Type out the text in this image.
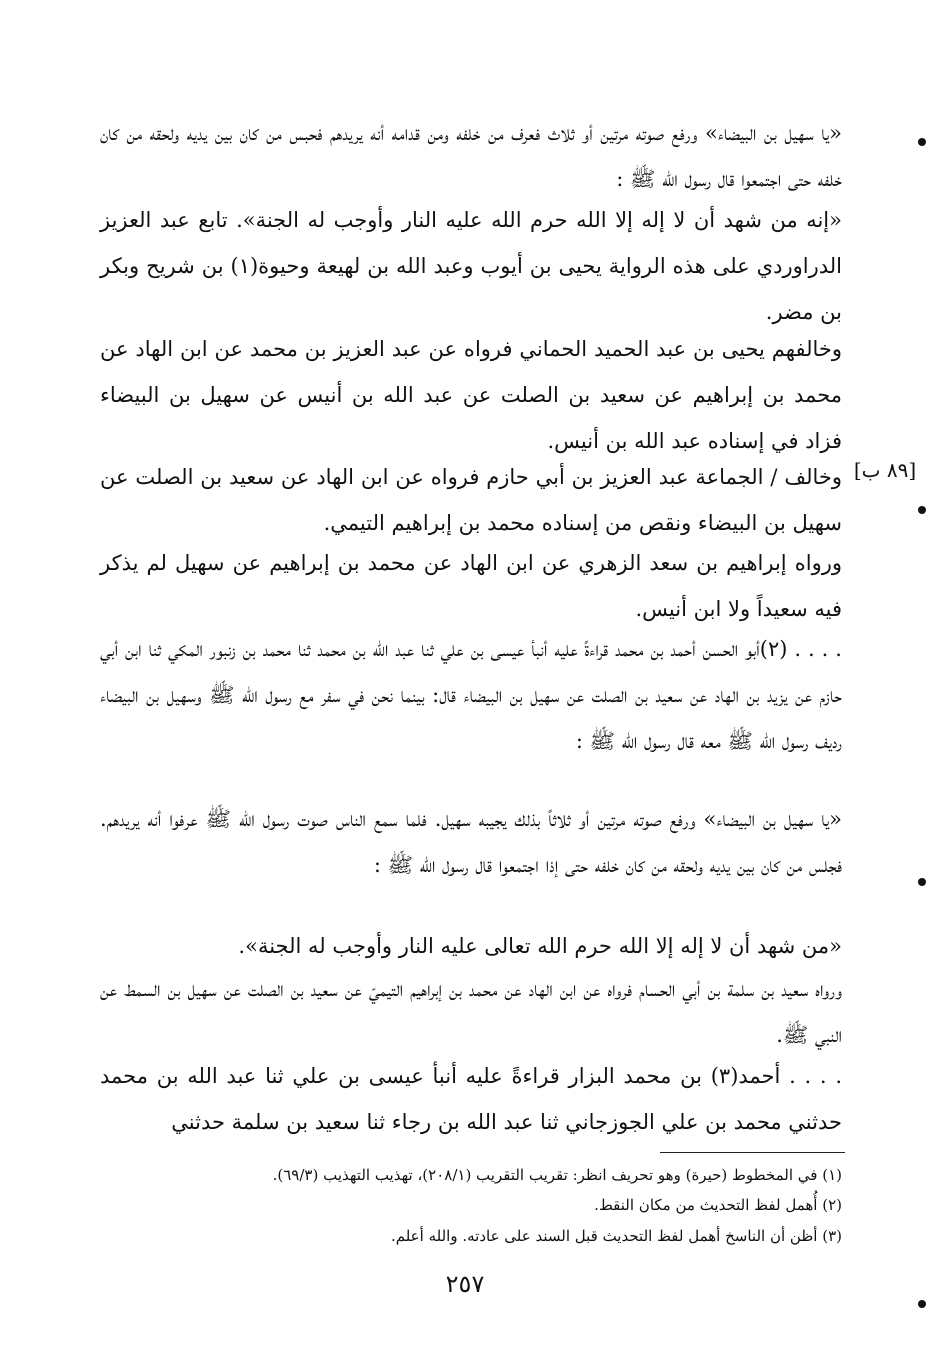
«يا سهيل بن البيضاء» ورفع صوته مرتين أو ثلاث فعرف من خلفه ومن قدامه أنه يريدهم فحبس من كان بين يديه ولحقه من كان خلفه حتى اجتمعوا قال رسول الله ﷺ :

«إنه من شهد أن لا إله إلا الله حرم الله عليه النار وأوجب له الجنة». تابع عبد العزيز الدراوردي على هذه الرواية يحيى بن أيوب وعبد الله بن لهيعة وحيوة(١) بن شريح وبكر بن مضر.

وخالفهم يحيى بن عبد الحميد الحماني فرواه عن عبد العزيز بن محمد عن ابن الهاد عن محمد بن إبراهيم عن سعيد بن الصلت عن عبد الله بن أنيس عن سهيل بن البيضاء فزاد في إسناده عبد الله بن أنيس.

وخالف / الجماعة عبد العزيز بن أبي حازم فرواه عن ابن الهاد عن سعيد بن الصلت عن سهيل بن البيضاء ونقص من إسناده محمد بن إبراهيم التيمي.

ورواه إبراهيم بن سعد الزهري عن ابن الهاد عن محمد بن إبراهيم عن سهيل لم يذكر فيه سعيداً ولا ابن أنيس.

. . . . (٢)أبو الحسن أحمد بن محمد قراءةً عليه أنبأ عيسى بن علي ثنا عبد الله بن محمد ثنا محمد بن زنبور المكي ثنا ابن أبي حازم عن يزيد بن الهاد عن سعيد بن الصلت عن سهيل بن البيضاء قال: بينما نحن في سفر مع رسول الله ﷺ وسهيل بن البيضاء رديف رسول الله ﷺ معه قال رسول الله ﷺ :

«يا سهيل بن البيضاء» ورفع صوته مرتين أو ثلاثاً بذلك يجيبه سهيل. فلما سمع الناس صوت رسول الله ﷺ عرفوا أنه يريدهم. فجلس من كان بين يديه ولحقه من كان خلفه حتى إذا اجتمعوا قال رسول الله ﷺ :

«من شهد أن لا إله إلا الله حرم الله تعالى عليه النار وأوجب له الجنة».

ورواه سعيد بن سلمة بن أبي الحسام فرواه عن ابن الهاد عن محمد بن إبراهيم التيميّ عن سعيد بن الصلت عن سهيل بن السمط عن النبي ﷺ.

. . . . أحمد(٣) بن محمد البزار قراءةً عليه أنبأ عيسى بن علي ثنا عبد الله بن محمد حدثني محمد بن علي الجوزجاني ثنا عبد الله بن رجاء ثنا سعيد بن سلمة حدثني

[٨٩ ب]
(١) في المخطوط (حيرة) وهو تحريف انظر: تقريب التقريب (٢٠٨/١)، تهذيب التهذيب (٦٩/٣).
(٢) أُهمل لفظ التحديث من مكان النقط.
(٣) أظن أن الناسخ أهمل لفظ التحديث قبل السند على عادته. والله أعلم.
٢٥٧
